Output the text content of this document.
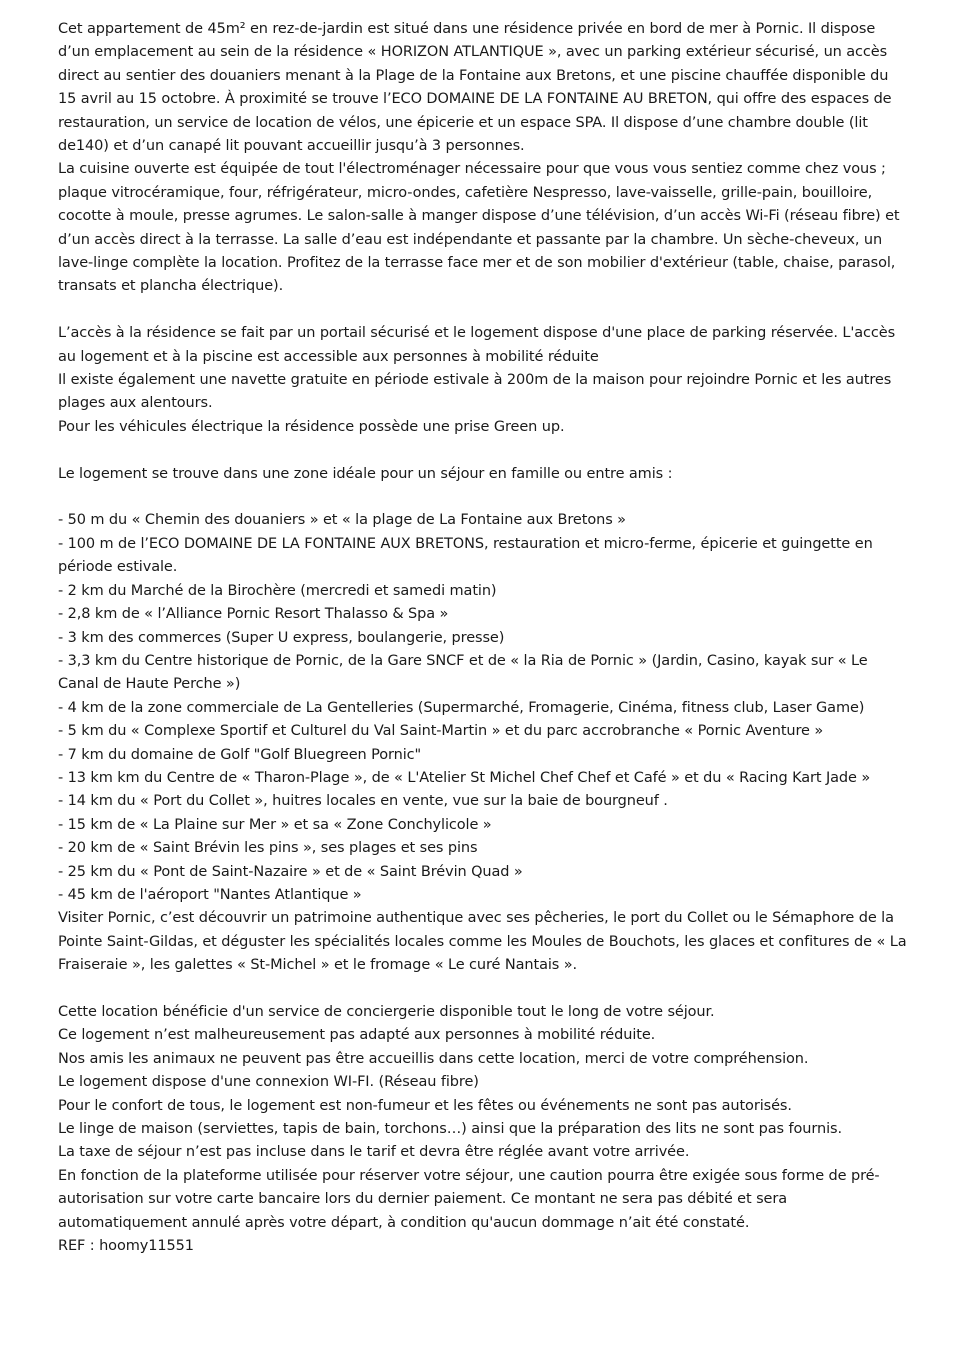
Cet appartement de 45m² en rez-de-jardin est situé dans une résidence privée en bord de mer à Pornic. Il dispose d’un emplacement au sein de la résidence « HORIZON ATLANTIQUE », avec un parking extérieur sécurisé, un accès direct au sentier des douaniers menant à la Plage de la Fontaine aux Bretons, et une piscine chauffée disponible du 15 avril au 15 octobre. À proximité se trouve l’ECO DOMAINE DE LA FONTAINE AU BRETON, qui offre des espaces de restauration, un service de location de vélos, une épicerie et un espace SPA. Il dispose d’une chambre double (lit de140) et d’un canapé lit pouvant accueillir jusqu’à 3 personnes.

La cuisine ouverte est équipée de tout l'électroménager nécessaire pour que vous vous sentiez comme chez vous ; plaque vitrocéramique, four, réfrigérateur, micro-ondes, cafetière Nespresso, lave-vaisselle, grille-pain, bouilloire, cocotte à moule, presse agrumes. Le salon-salle à manger dispose d’une télévision, d’un accès Wi-Fi (réseau fibre) et d’un accès direct à la terrasse. La salle d’eau est indépendante et passante par la chambre. Un sèche-cheveux, un lave-linge complète la location. Profitez de la terrasse face mer et de son mobilier d'extérieur (table, chaise, parasol, transats et plancha électrique).

L’accès à la résidence se fait par un portail sécurisé et le logement dispose d'une place de parking réservée. L'accès au logement et à la piscine est accessible aux personnes à mobilité réduite

Il existe également une navette gratuite en période estivale à 200m de la maison pour rejoindre Pornic et les autres plages aux alentours.

Pour les véhicules électrique la résidence possède une prise Green up.

Le logement se trouve dans une zone idéale pour un séjour en famille ou entre amis :

- 50 m du « Chemin des douaniers » et « la plage de La Fontaine aux Bretons »

- 100 m de l’ECO DOMAINE DE LA FONTAINE AUX BRETONS, restauration et micro-ferme, épicerie et guingette en période estivale.

- 2 km du Marché de la Birochère (mercredi et samedi matin)

- 2,8 km de « l’Alliance Pornic Resort Thalasso & Spa »

- 3 km des commerces (Super U express, boulangerie, presse)

- 3,3 km du Centre historique de Pornic, de la Gare SNCF et de « la Ria de Pornic » (Jardin, Casino, kayak sur « Le Canal de Haute Perche »)

- 4 km de la zone commerciale de La Gentelleries (Supermarché, Fromagerie, Cinéma, fitness club, Laser Game)

- 5 km du « Complexe Sportif et Culturel du Val Saint-Martin » et du parc accrobranche « Pornic Aventure »

- 7 km du domaine de Golf "Golf Bluegreen Pornic"

- 13 km km du Centre de « Tharon-Plage », de « L'Atelier St Michel Chef Chef et Café » et du « Racing Kart Jade »

- 14 km du « Port du Collet », huitres locales en vente, vue sur la baie de bourgneuf .

- 15 km de « La Plaine sur Mer » et sa « Zone Conchylicole »

- 20 km de « Saint Brévin les pins », ses plages et ses pins

- 25 km du « Pont de Saint-Nazaire » et de « Saint Brévin Quad »

- 45 km de l'aéroport "Nantes Atlantique »

Visiter Pornic, c’est découvrir un patrimoine authentique avec ses pêcheries, le port du Collet ou le Sémaphore de la Pointe Saint-Gildas, et déguster les spécialités locales comme les Moules de Bouchots, les glaces et confitures de « La Fraiseraie », les galettes « St-Michel » et le fromage « Le curé Nantais ».

Cette location bénéficie d'un service de conciergerie disponible tout le long de votre séjour.

Ce logement n’est malheureusement pas adapté aux personnes à mobilité réduite.

Nos amis les animaux ne peuvent pas être accueillis dans cette location, merci de votre compréhension.

Le logement dispose d'une connexion WI-FI. (Réseau fibre)

Pour le confort de tous, le logement est non-fumeur et les fêtes ou événements ne sont pas autorisés.

Le linge de maison (serviettes, tapis de bain, torchons…) ainsi que la préparation des lits ne sont pas fournis.

La taxe de séjour n’est pas incluse dans le tarif et devra être réglée avant votre arrivée.

En fonction de la plateforme utilisée pour réserver votre séjour, une caution pourra être exigée sous forme de pré-autorisation sur votre carte bancaire lors du dernier paiement. Ce montant ne sera pas débité et sera automatiquement annulé après votre départ, à condition qu'aucun dommage n’ait été constaté.

REF : hoomy11551
